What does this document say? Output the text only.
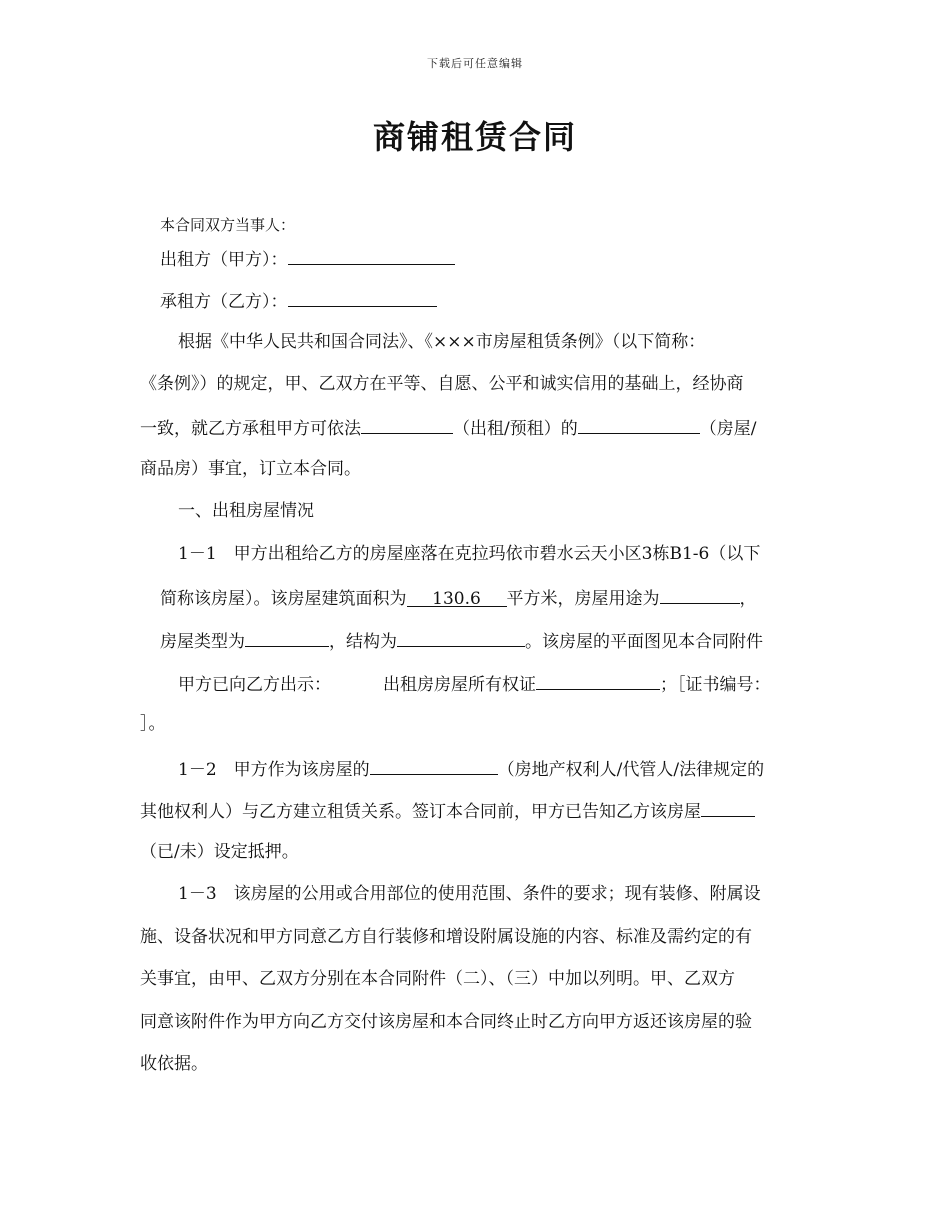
下载后可任意编辑
商铺租赁合同
本合同双方当事人：
出租方（甲方）：
承租方（乙方）：
根据《中华人民共和国合同法》、《×××市房屋租赁条例》（以下简称：
《条例》）的规定，甲、乙双方在平等、自愿、公平和诚实信用的基础上，经协商
一致，就乙方承租甲方可依法	（出租/预租）的	（房屋/
商品房）事宜，订立本合同。
一、出租房屋情况
1－1　甲方出租给乙方的房屋座落在克拉玛依市碧水云天小区3栋B1-6（以下
简称该房屋）。该房屋建筑面积为 130.6 平方米，房屋用途为	，
房屋类型为	，结构为	。该房屋的平面图见本合同附件
甲方已向乙方出示：	出租房房屋所有权证	；［证书编号：
］。
1－2　甲方作为该房屋的	（房地产权利人/代管人/法律规定的
其他权利人）与乙方建立租赁关系。签订本合同前，甲方已告知乙方该房屋
（已/未）设定抵押。
1－3　该房屋的公用或合用部位的使用范围、条件的要求；现有装修、附属设
施、设备状况和甲方同意乙方自行装修和增设附属设施的内容、标准及需约定的有
关事宜，由甲、乙双方分别在本合同附件（二）、（三）中加以列明。甲、乙双方
同意该附件作为甲方向乙方交付该房屋和本合同终止时乙方向甲方返还该房屋的验
收依据。
